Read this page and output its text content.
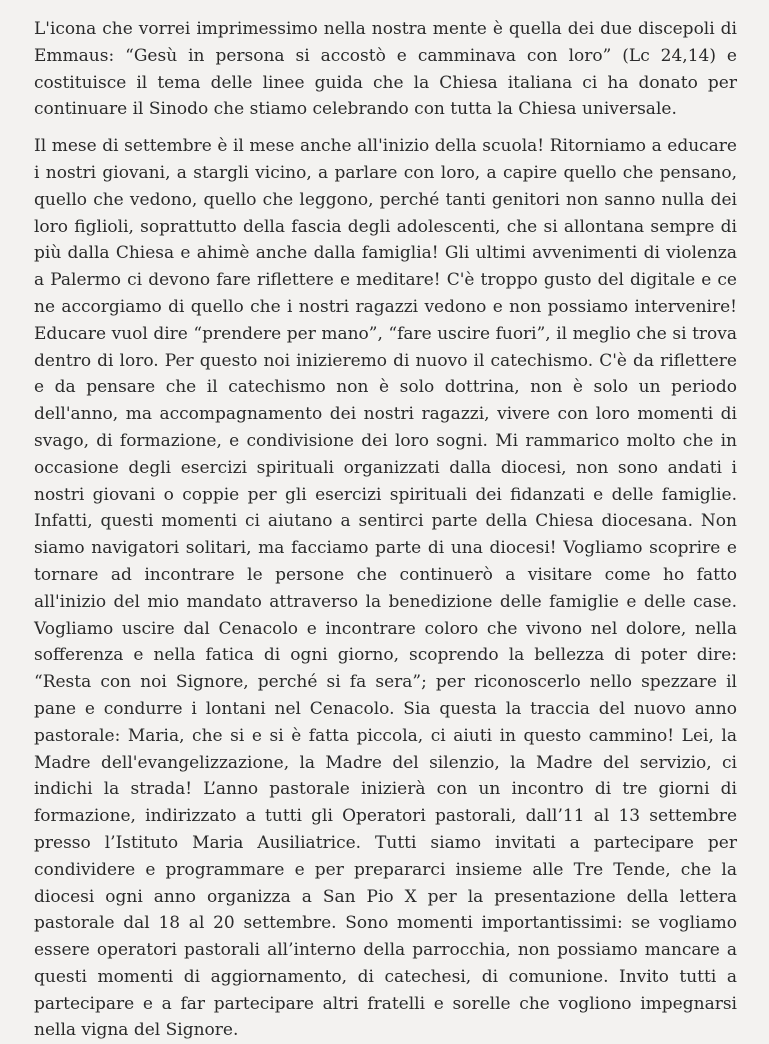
L'icona che vorrei imprimessimo nella nostra mente è quella dei due discepoli di Emmaus: “Gesù in persona si accostò e camminava con loro” (Lc 24,14) e costituisce il tema delle linee guida che la Chiesa italiana ci ha donato per continuare il Sinodo che stiamo celebrando con tutta la Chiesa universale.

Il mese di settembre è il mese anche all'inizio della scuola! Ritorniamo a educare i nostri giovani, a stargli vicino, a parlare con loro, a capire quello che pensano, quello che vedono, quello che leggono, perché tanti genitori non sanno nulla dei loro figlioli, soprattutto della fascia degli adolescenti, che si allontana sempre di più dalla Chiesa e ahimè anche dalla famiglia! Gli ultimi avvenimenti di violenza a Palermo ci devono fare riflettere e meditare! C'è troppo gusto del digitale e ce ne accorgiamo di quello che i nostri ragazzi vedono e non possiamo intervenire! Educare vuol dire “prendere per mano”, “fare uscire fuori”, il meglio che si trova dentro di loro. Per questo noi inizieremo di nuovo il catechismo. C'è da riflettere e da pensare che il catechismo non è solo dottrina, non è solo un periodo dell'anno, ma accompagnamento dei nostri ragazzi, vivere con loro momenti di svago, di formazione, e condivisione dei loro sogni. Mi rammarico molto che in occasione degli esercizi spirituali organizzati dalla diocesi, non sono andati i nostri giovani o coppie per gli esercizi spirituali dei fidanzati e delle famiglie. Infatti, questi momenti ci aiutano a sentirci parte della Chiesa diocesana. Non siamo navigatori solitari, ma facciamo parte di una diocesi! Vogliamo scoprire e tornare ad incontrare le persone che continuerò a visitare come ho fatto all'inizio del mio mandato attraverso la benedizione delle famiglie e delle case. Vogliamo uscire dal Cenacolo e incontrare coloro che vivono nel dolore, nella sofferenza e nella fatica di ogni giorno, scoprendo la bellezza di poter dire: “Resta con noi Signore, perché si fa sera”; per riconoscerlo nello spezzare il pane e condurre i lontani nel Cenacolo. Sia questa la traccia del nuovo anno pastorale: Maria, che si e si è fatta piccola, ci aiuti in questo cammino! Lei, la Madre dell'evangelizzazione, la Madre del silenzio, la Madre del servizio, ci indichi la strada! L’anno pastorale inizierà con un incontro di tre giorni di formazione, indirizzato a tutti gli Operatori pastorali, dall’11 al 13 settembre presso l’Istituto Maria Ausiliatrice. Tutti siamo invitati a partecipare per condividere e programmare e per prepararci insieme alle Tre Tende, che la diocesi ogni anno organizza a San Pio X per la presentazione della lettera pastorale dal 18 al 20 settembre. Sono momenti importantissimi: se vogliamo essere operatori pastorali all’interno della parrocchia, non possiamo mancare a questi momenti di aggiornamento, di catechesi, di comunione. Invito tutti a partecipare e a far partecipare altri fratelli e sorelle che vogliono impegnarsi nella vigna del Signore.
